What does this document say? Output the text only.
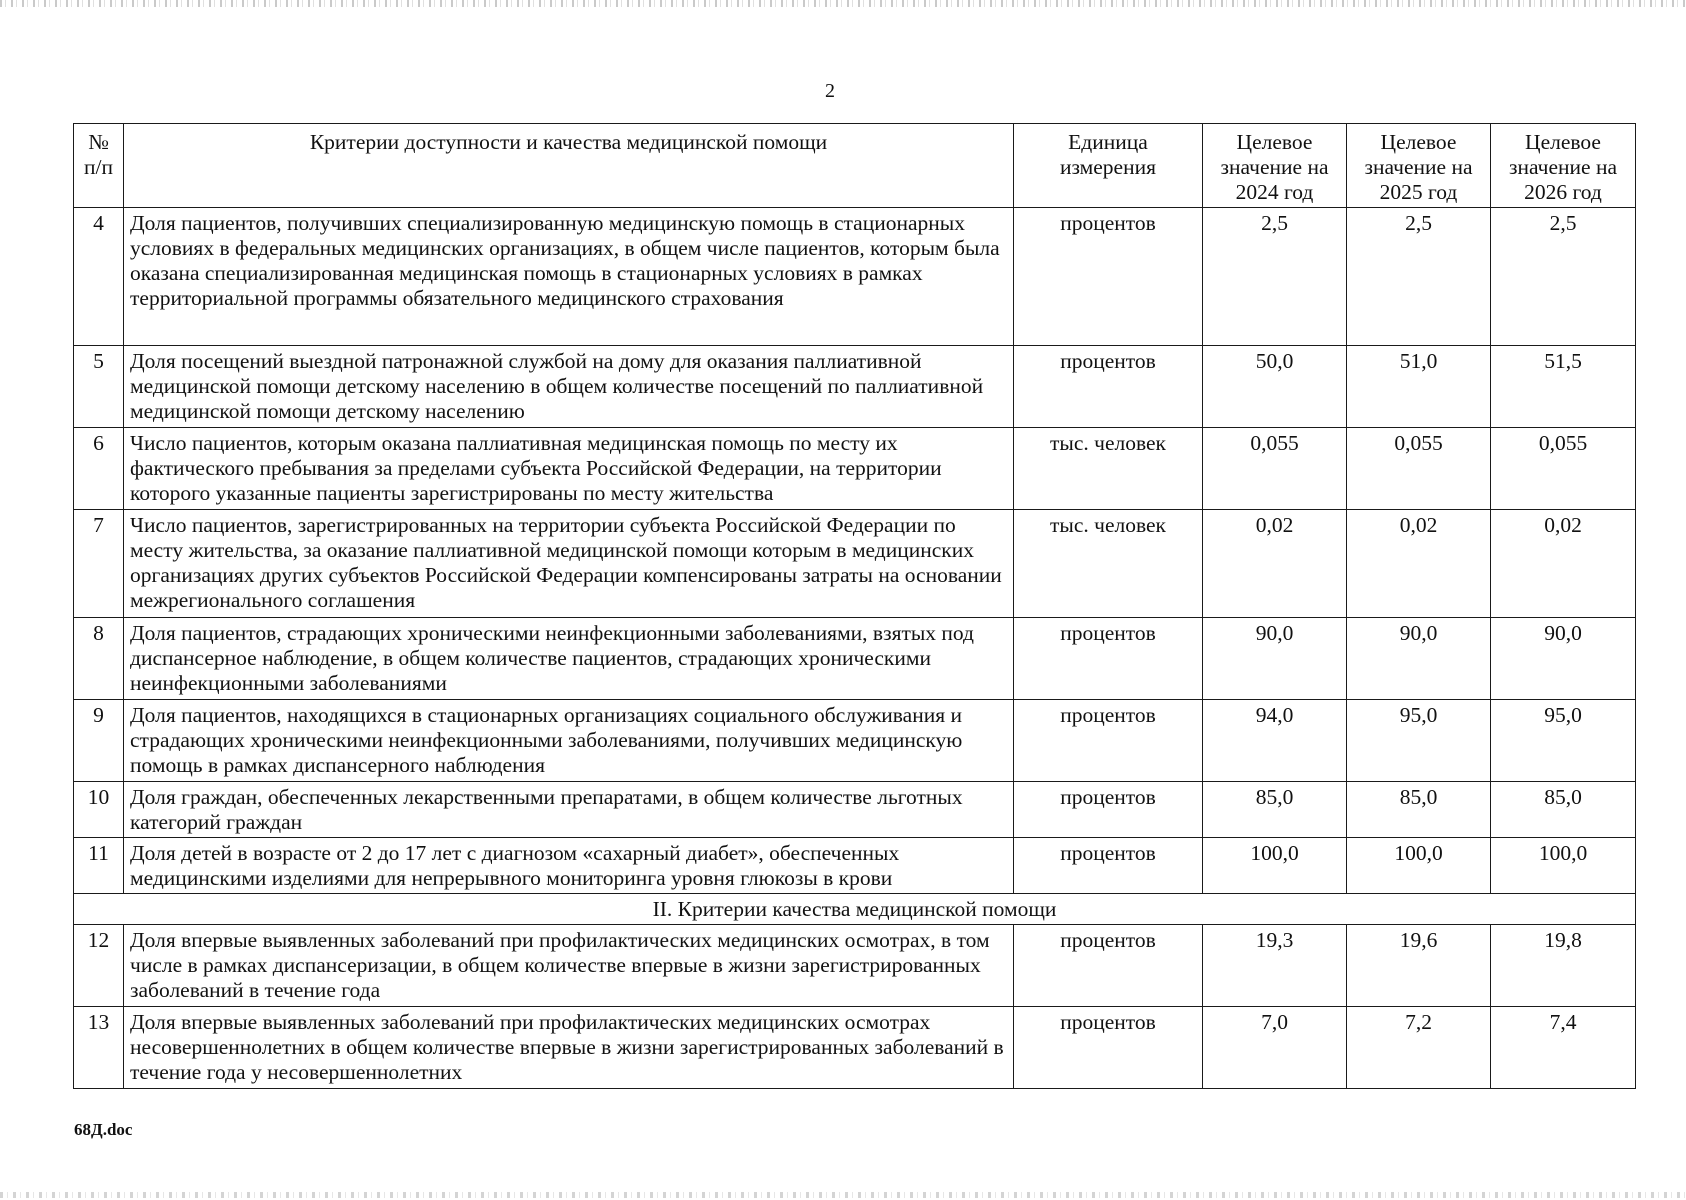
2
№ п/п	Критерии доступности и качества медицинской помощи	Единица измерения	Целевое значение на 2024 год	Целевое значение на 2025 год	Целевое значение на 2026 год
4	Доля пациентов, получивших специализированную медицинскую помощь в стационарных условиях в федеральных медицинских организациях, в общем числе пациентов, которым была оказана специализированная медицинская помощь в стационарных условиях в рамках территориальной программы обязательного медицинского страхования	процентов	2,5	2,5	2,5
5	Доля посещений выездной патронажной службой на дому для оказания паллиативной медицинской помощи детскому населению в общем количестве посещений по паллиативной медицинской помощи детскому населению	процентов	50,0	51,0	51,5
6	Число пациентов, которым оказана паллиативная медицинская помощь по месту их фактического пребывания за пределами субъекта Российской Федерации, на территории которого указанные пациенты зарегистрированы по месту жительства	тыс. человек	0,055	0,055	0,055
7	Число пациентов, зарегистрированных на территории субъекта Российской Федерации по месту жительства, за оказание паллиативной медицинской помощи которым в медицинских организациях других субъектов Российской Федерации компенсированы затраты на основании межрегионального соглашения	тыс. человек	0,02	0,02	0,02
8	Доля пациентов, страдающих хроническими неинфекционными заболеваниями, взятых под диспансерное наблюдение, в общем количестве пациентов, страдающих хроническими неинфекционными заболеваниями	процентов	90,0	90,0	90,0
9	Доля пациентов, находящихся в стационарных организациях социального обслуживания и страдающих хроническими неинфекционными заболеваниями, получивших медицинскую помощь в рамках диспансерного наблюдения	процентов	94,0	95,0	95,0
10	Доля граждан, обеспеченных лекарственными препаратами, в общем количестве льготных категорий граждан	процентов	85,0	85,0	85,0
11	Доля детей в возрасте от 2 до 17 лет с диагнозом «сахарный диабет», обеспеченных медицинскими изделиями для непрерывного мониторинга уровня глюкозы в крови	процентов	100,0	100,0	100,0
II. Критерии качества медицинской помощи					
12	Доля впервые выявленных заболеваний при профилактических медицинских осмотрах, в том числе в рамках диспансеризации, в общем количестве впервые в жизни зарегистрированных заболеваний в течение года	процентов	19,3	19,6	19,8
13	Доля впервые выявленных заболеваний при профилактических медицинских осмотрах несовершеннолетних в общем количестве впервые в жизни зарегистрированных заболеваний в течение года у несовершеннолетних	процентов	7,0	7,2	7,4
68Д.doc
